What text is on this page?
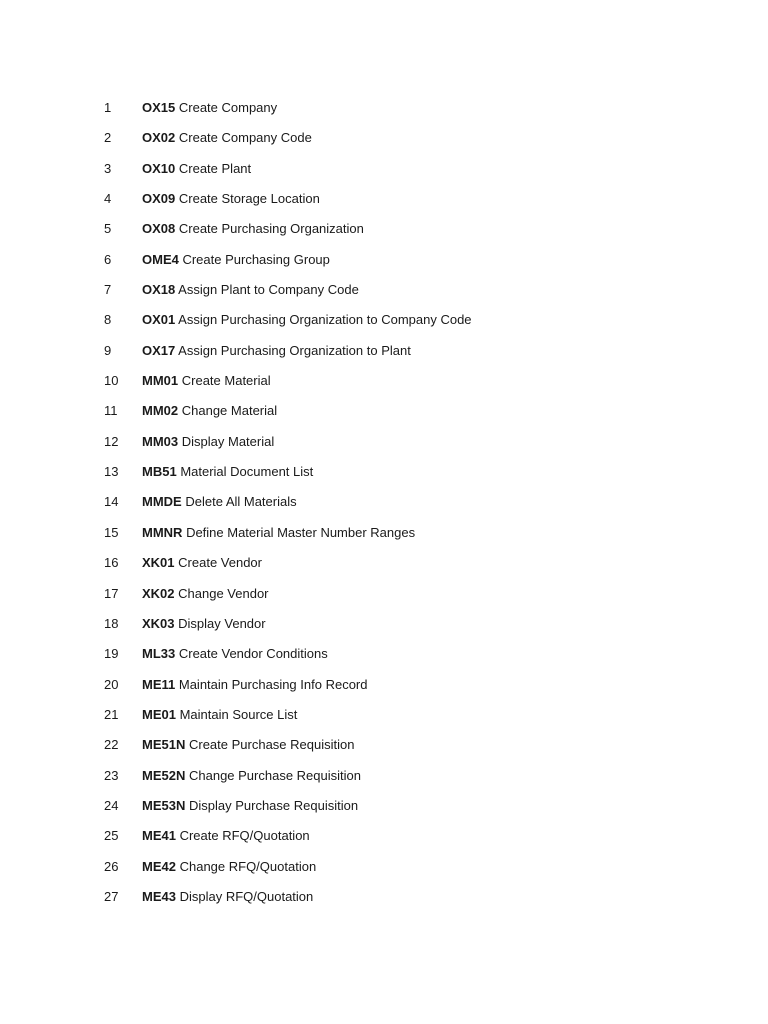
1	OX15 Create Company
2	OX02 Create Company Code
3	OX10 Create Plant
4	OX09 Create Storage Location
5	OX08 Create Purchasing Organization
6	OME4 Create Purchasing Group
7	OX18 Assign Plant to Company Code
8	OX01 Assign Purchasing Organization to Company Code
9	OX17 Assign Purchasing Organization to Plant
10	MM01 Create Material
11	MM02 Change Material
12	MM03 Display Material
13	MB51 Material Document List
14	MMDE Delete All Materials
15	MMNR Define Material Master Number Ranges
16	XK01 Create Vendor
17	XK02 Change Vendor
18	XK03 Display Vendor
19	ML33 Create Vendor Conditions
20	ME11 Maintain Purchasing Info Record
21	ME01 Maintain Source List
22	ME51N Create Purchase Requisition
23	ME52N Change Purchase Requisition
24	ME53N Display Purchase Requisition
25	ME41 Create RFQ/Quotation
26	ME42 Change RFQ/Quotation
27	ME43 Display RFQ/Quotation
